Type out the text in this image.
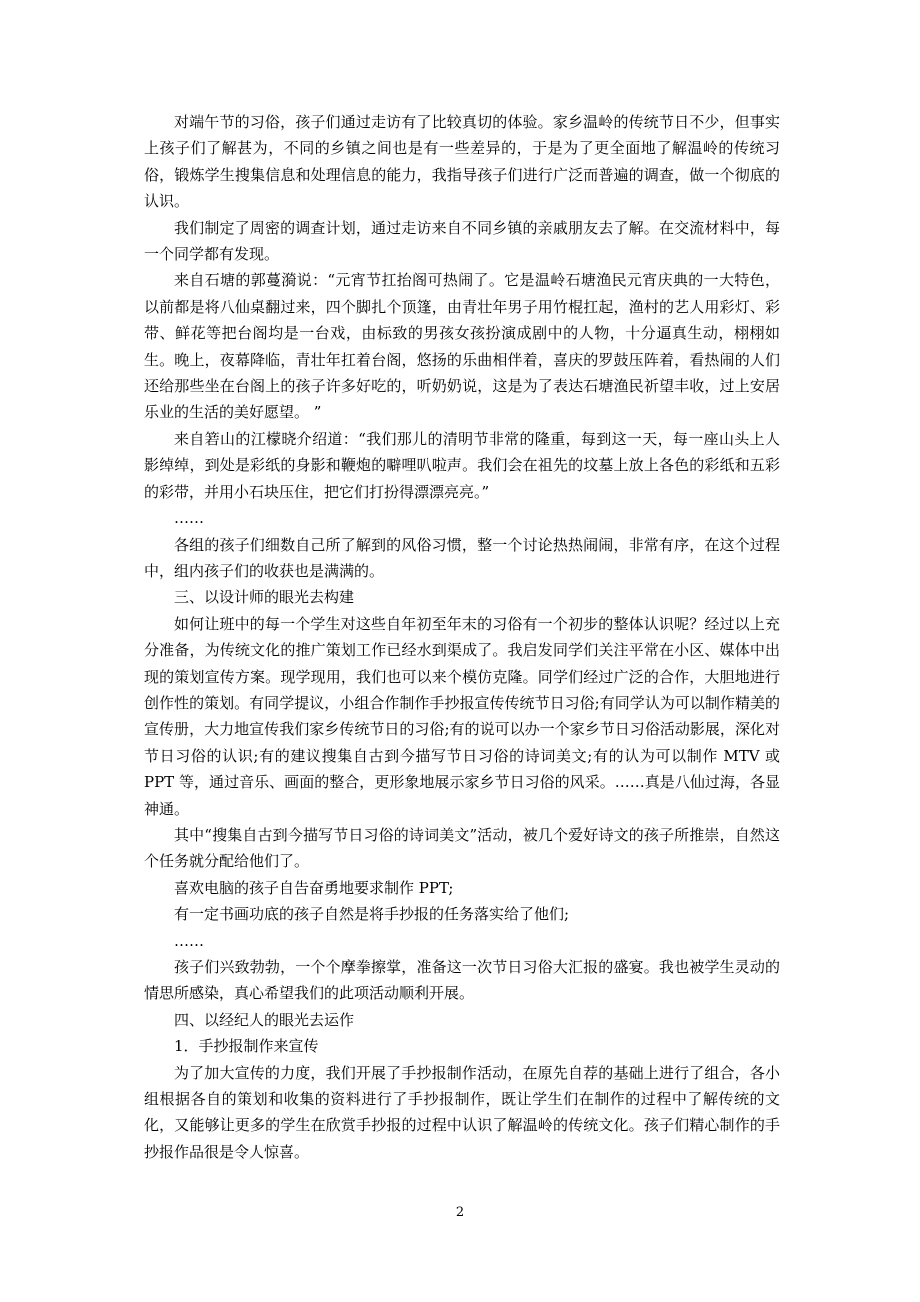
对端午节的习俗，孩子们通过走访有了比较真切的体验。家乡温岭的传统节日不少，但事实上孩子们了解甚为，不同的乡镇之间也是有一些差异的，于是为了更全面地了解温岭的传统习俗，锻炼学生搜集信息和处理信息的能力，我指导孩子们进行广泛而普遍的调查，做一个彻底的认识。

我们制定了周密的调查计划，通过走访来自不同乡镇的亲戚朋友去了解。在交流材料中，每一个同学都有发现。

来自石塘的郭蔓漪说：“元宵节扛抬阁可热闹了。它是温岭石塘渔民元宵庆典的一大特色，以前都是将八仙桌翻过来，四个脚扎个顶篷，由青壮年男子用竹棍扛起，渔村的艺人用彩灯、彩带、鲜花等把台阁均是一台戏，由标致的男孩女孩扮演成剧中的人物，十分逼真生动，栩栩如生。晚上，夜幕降临，青壮年扛着台阁，悠扬的乐曲相伴着，喜庆的罗鼓压阵着，看热闹的人们还给那些坐在台阁上的孩子许多好吃的，听奶奶说，这是为了表达石塘渔民祈望丰收，过上安居乐业的生活的美好愿望。 ”

来自箬山的江檬晓介绍道：“我们那儿的清明节非常的隆重，每到这一天，每一座山头上人影绰绰，到处是彩纸的身影和鞭炮的噼哩叭啦声。我们会在祖先的坟墓上放上各色的彩纸和五彩的彩带，并用小石块压住，把它们打扮得漂漂亮亮。”

……

各组的孩子们细数自己所了解到的风俗习惯，整一个讨论热热闹闹，非常有序，在这个过程中，组内孩子们的收获也是满满的。

三、以设计师的眼光去构建

如何让班中的每一个学生对这些自年初至年末的习俗有一个初步的整体认识呢？经过以上充分准备，为传统文化的推广策划工作已经水到渠成了。我启发同学们关注平常在小区、媒体中出现的策划宣传方案。现学现用，我们也可以来个模仿克隆。同学们经过广泛的合作，大胆地进行创作性的策划。有同学提议，小组合作制作手抄报宣传传统节日习俗;有同学认为可以制作精美的宣传册，大力地宣传我们家乡传统节日的习俗;有的说可以办一个家乡节日习俗活动影展，深化对节日习俗的认识;有的建议搜集自古到今描写节日习俗的诗词美文;有的认为可以制作 MTV 或 PPT 等，通过音乐、画面的整合，更形象地展示家乡节日习俗的风采。……真是八仙过海，各显神通。

其中“搜集自古到今描写节日习俗的诗词美文”活动，被几个爱好诗文的孩子所推崇，自然这个任务就分配给他们了。

喜欢电脑的孩子自告奋勇地要求制作 PPT;

有一定书画功底的孩子自然是将手抄报的任务落实给了他们;

……

孩子们兴致勃勃，一个个摩拳擦掌，准备这一次节日习俗大汇报的盛宴。我也被学生灵动的情思所感染，真心希望我们的此项活动顺利开展。

四、以经纪人的眼光去运作

1．手抄报制作来宣传

为了加大宣传的力度，我们开展了手抄报制作活动，在原先自荐的基础上进行了组合，各小组根据各自的策划和收集的资料进行了手抄报制作，既让学生们在制作的过程中了解传统的文化，又能够让更多的学生在欣赏手抄报的过程中认识了解温岭的传统文化。孩子们精心制作的手抄报作品很是令人惊喜。

2
